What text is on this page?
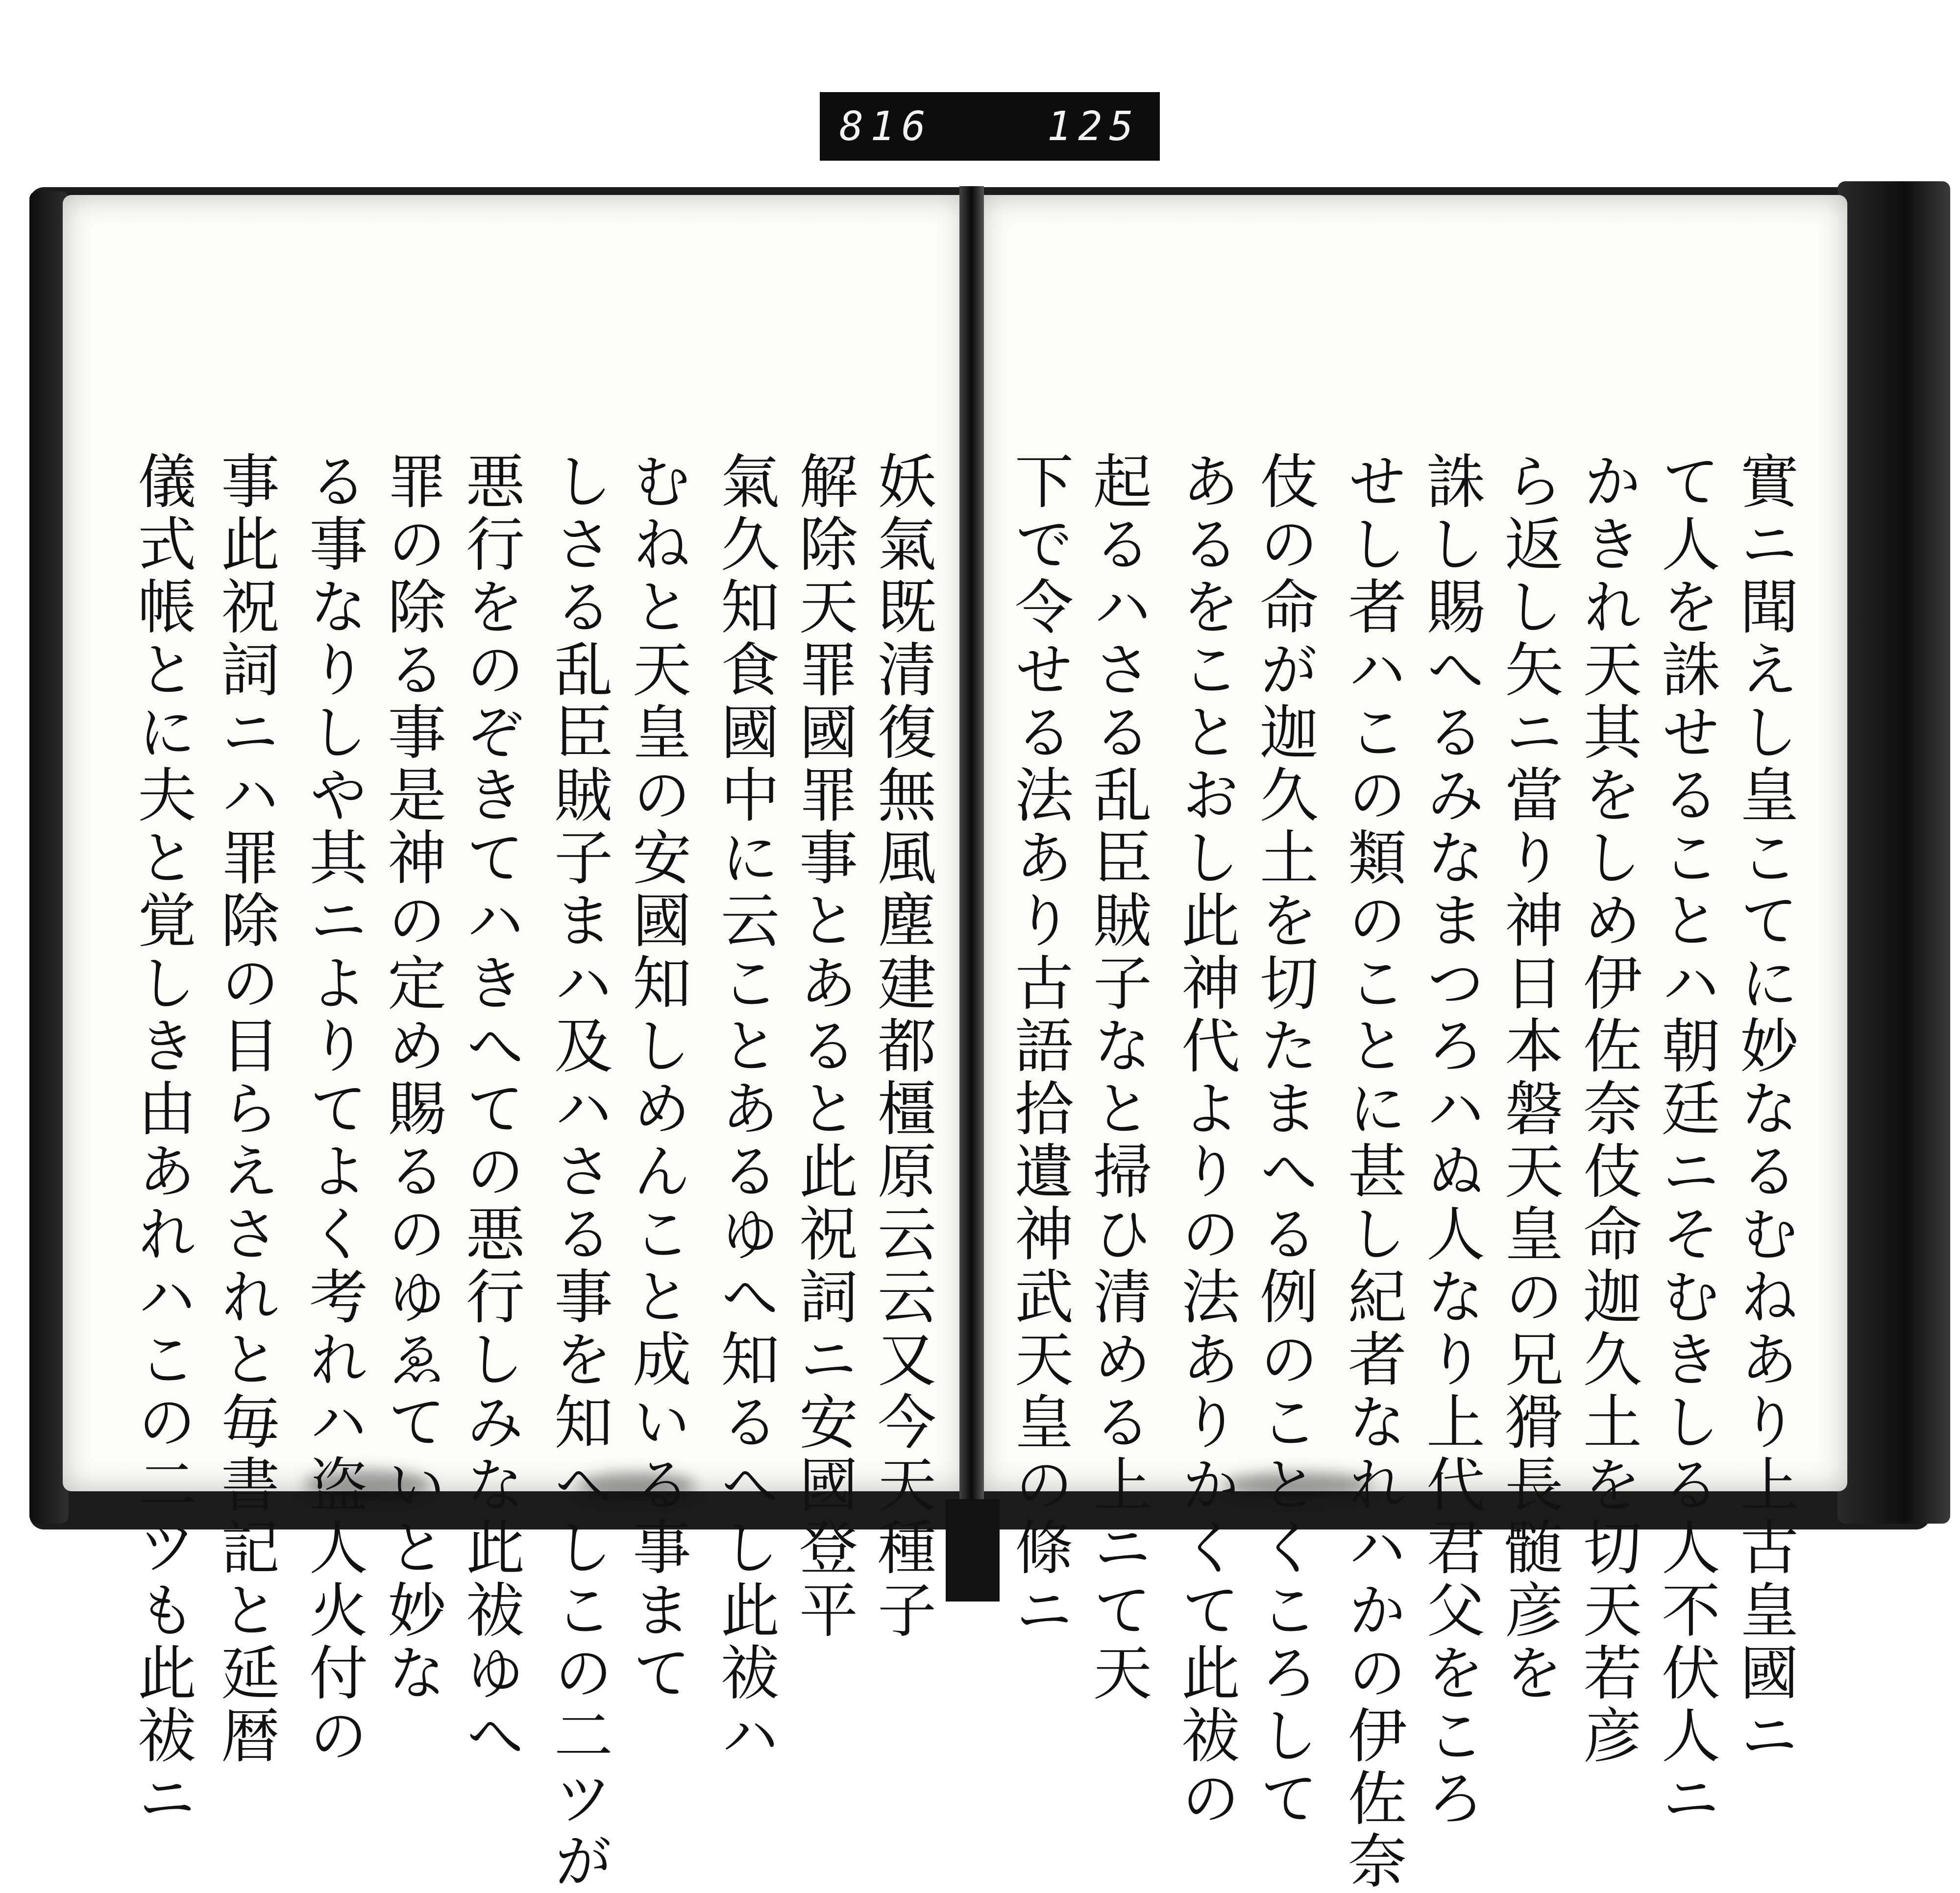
816	125
實ニ聞えし皇こてに妙なるむねあり上古皇國ニ
て人を誅せることハ朝廷ニそむきしる人不伏人ニ
かきれ天其をしめ伊佐奈伎命迦久土を切天若彦
ら返し矢ニ當り神日本磐天皇の兄猾長髄彦を
誅し賜へるみなまつろハぬ人なり上代君父をころ
せし者ハこの類のことに甚し紀者なれハかの伊佐奈
伎の命が迦久土を切たまへる例のことくころして
あるをことおし此神代よりの法ありかくて此祓の
起るハさる乱臣賊子なと掃ひ清める上ニて天
下で令せる法あり古語拾遺神武天皇の條ニ
妖氣既清復無風塵建都橿原云云又今天種子
解除天罪國罪事とあると此祝詞ニ安國登平
氣久知食國中に云ことあるゆへ知るへし此祓ハ
むねと天皇の安國知しめんこと成いる事まて
しさる乱臣賊子まハ及ハさる事を知へしこの二ツが
悪行をのぞきてハきへての悪行しみな此祓ゆへ
罪の除る事是神の定め賜るのゆゑていと妙な
る事なりしや其ニよりてよく考れハ盗人火付の
事此祝詞ニハ罪除の目らえされと毎書記と延暦
儀式帳とに夫と覚しき由あれハこの二ツも此祓ニ
